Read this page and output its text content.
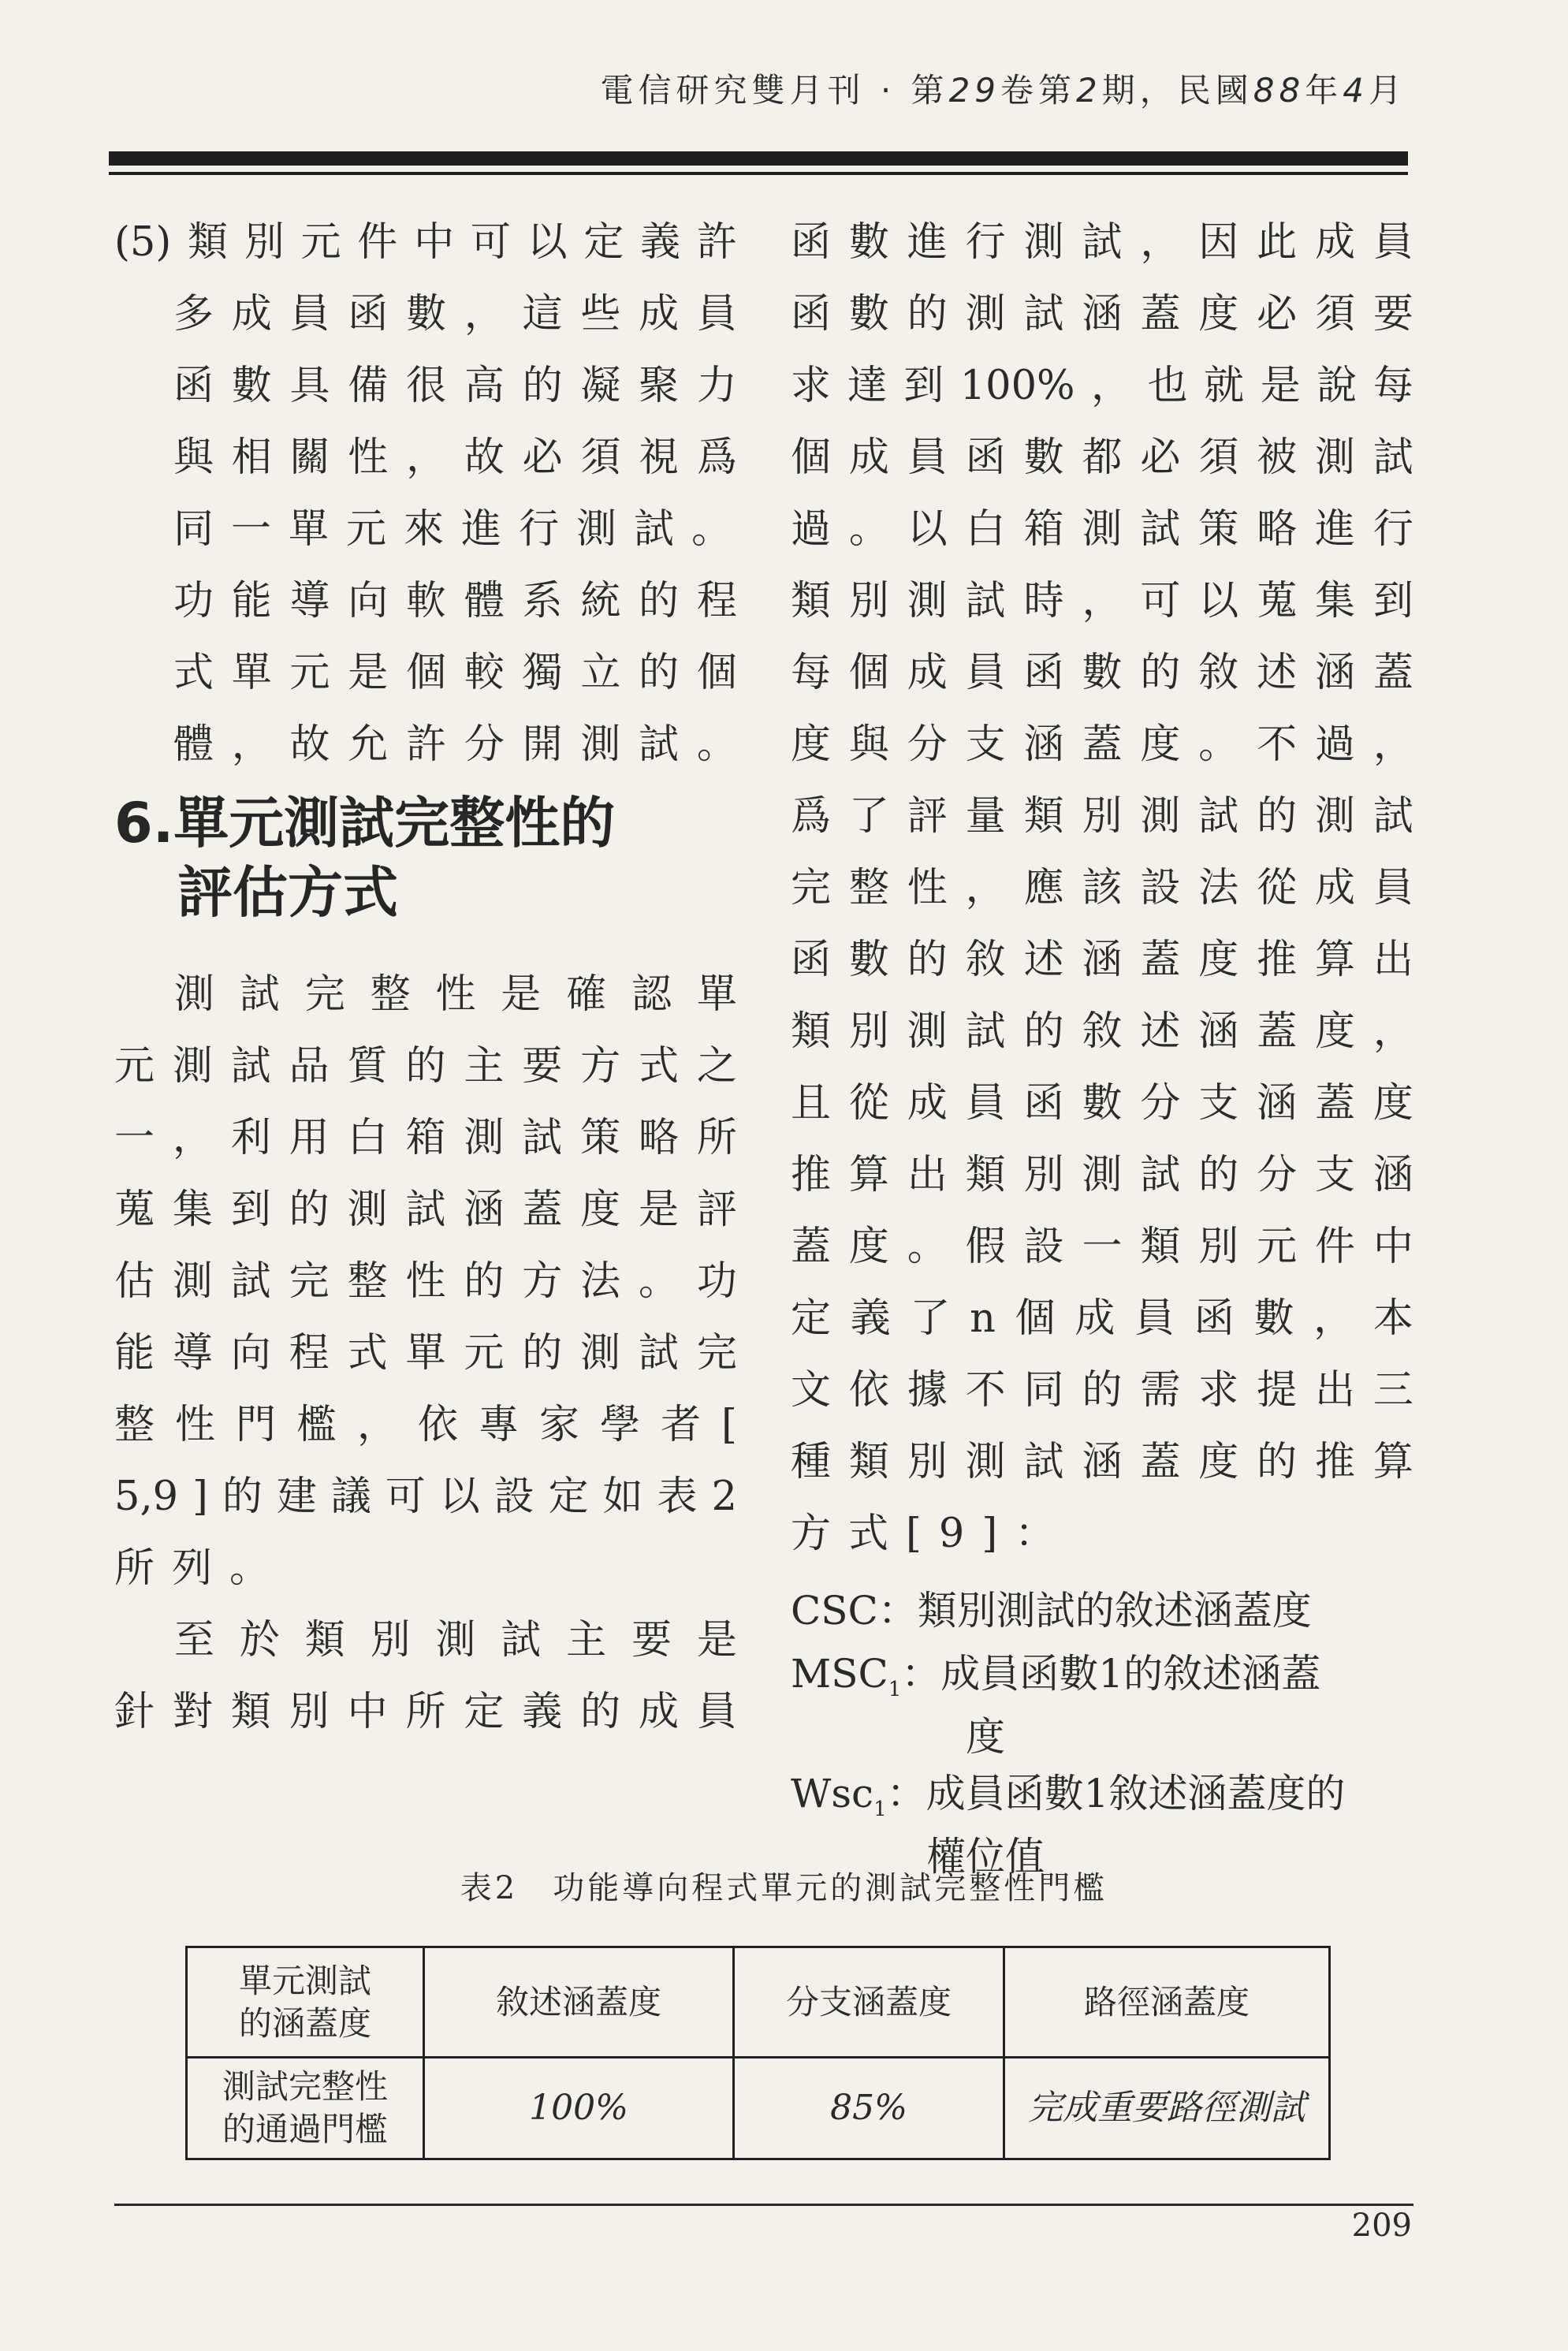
電信研究雙月刊 · 第29卷第2期，民國88年4月
(5) 類 別 元 件 中 可 以 定 義 許
多 成 員 函 數 ， 這 些 成 員
函 數 具 備 很 高 的 凝 聚 力
與 相 關 性 ， 故 必 須 視 爲
同 一 單 元 來 進 行 測 試 。
功 能 導 向 軟 體 系 統 的 程
式 單 元 是 個 較 獨 立 的 個
體 ， 故 允 許 分 開 測 試 。
6.單元測試完整性的
評估方式
測 試 完 整 性 是 確 認 單
元 測 試 品 質 的 主 要 方 式 之
一 ， 利 用 白 箱 測 試 策 略 所
蒐 集 到 的 測 試 涵 蓋 度 是 評
估 測 試 完 整 性 的 方 法 。 功
能 導 向 程 式 單 元 的 測 試 完
整 性 門 檻 ， 依 專 家 學 者 [
5,9 ] 的 建 議 可 以 設 定 如 表 2
所 列 。
至 於 類 別 測 試 主 要 是
針 對 類 別 中 所 定 義 的 成 員
函 數 進 行 測 試 ， 因 此 成 員
函 數 的 測 試 涵 蓋 度 必 須 要
求 達 到 100% ， 也 就 是 說 每
個 成 員 函 數 都 必 須 被 測 試
過 。 以 白 箱 測 試 策 略 進 行
類 別 測 試 時 ， 可 以 蒐 集 到
每 個 成 員 函 數 的 敘 述 涵 蓋
度 與 分 支 涵 蓋 度 。 不 過 ，
爲 了 評 量 類 別 測 試 的 測 試
完 整 性 ， 應 該 設 法 從 成 員
函 數 的 敘 述 涵 蓋 度 推 算 出
類 別 測 試 的 敘 述 涵 蓋 度 ，
且 從 成 員 函 數 分 支 涵 蓋 度
推 算 出 類 別 測 試 的 分 支 涵
蓋 度 。 假 設 一 類 別 元 件 中
定 義 了 n 個 成 員 函 數 ， 本
文 依 據 不 同 的 需 求 提 出 三
種 類 別 測 試 涵 蓋 度 的 推 算
方 式 [9] ：
CSC ：類別測試的敘述涵蓋度
$MSC_1$ ：成員函數1的敘述涵蓋
度
Wsc$_1$ ：成員函數1敘述涵蓋度的
權位值
表2　功能導向程式單元的測試完整性門檻
單元測試的涵蓋度	敘述涵蓋度	分支涵蓋度	路徑涵蓋度

測試完整性的通過門檻	100%	85%	完成重要路徑測試
209
